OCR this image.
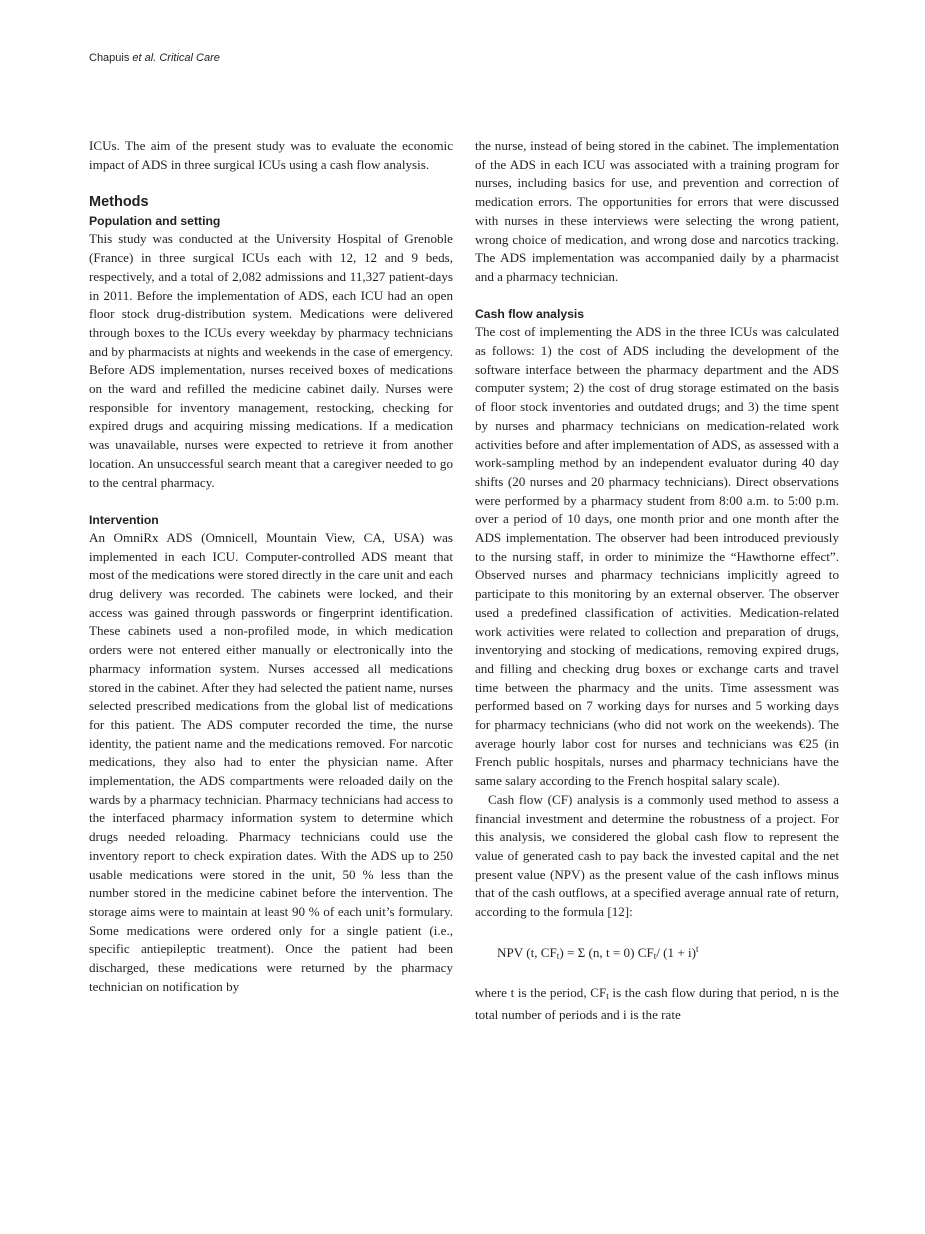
Chapuis et al. Critical Care

ICUs. The aim of the present study was to evaluate the economic impact of ADS in three surgical ICUs using a cash flow analysis.

Methods
Population and setting

This study was conducted at the University Hospital of Grenoble (France) in three surgical ICUs each with 12, 12 and 9 beds, respectively, and a total of 2,082 admissions and 11,327 patient-days in 2011. Before the implementation of ADS, each ICU had an open floor stock drug-distribution system. Medications were delivered through boxes to the ICUs every weekday by pharmacy technicians and by pharmacists at nights and weekends in the case of emergency. Before ADS implementation, nurses received boxes of medications on the ward and refilled the medicine cabinet daily. Nurses were responsible for inventory management, restocking, checking for expired drugs and acquiring missing medications. If a medication was unavailable, nurses were expected to retrieve it from another location. An unsuccessful search meant that a caregiver needed to go to the central pharmacy.

Intervention

An OmniRx ADS (Omnicell, Mountain View, CA, USA) was implemented in each ICU. Computer-controlled ADS meant that most of the medications were stored directly in the care unit and each drug delivery was recorded. The cabinets were locked, and their access was gained through passwords or fingerprint identification. These cabinets used a non-profiled mode, in which medication orders were not entered either manually or electronically into the pharmacy information system. Nurses accessed all medications stored in the cabinet. After they had selected the patient name, nurses selected prescribed medications from the global list of medications for this patient. The ADS computer recorded the time, the nurse identity, the patient name and the medications removed. For narcotic medications, they also had to enter the physician name. After implementation, the ADS compartments were reloaded daily on the wards by a pharmacy technician. Pharmacy technicians had access to the interfaced pharmacy information system to determine which drugs needed reloading. Pharmacy technicians could use the inventory report to check expiration dates. With the ADS up to 250 usable medications were stored in the unit, 50 % less than the number stored in the medicine cabinet before the intervention. The storage aims were to maintain at least 90 % of each unit’s formulary. Some medications were ordered only for a single patient (i.e., specific antiepileptic treatment). Once the patient had been discharged, these medications were returned by the pharmacy technician on notification by

the nurse, instead of being stored in the cabinet. The implementation of the ADS in each ICU was associated with a training program for nurses, including basics for use, and prevention and correction of medication errors. The opportunities for errors that were discussed with nurses in these interviews were selecting the wrong patient, wrong choice of medication, and wrong dose and narcotics tracking. The ADS implementation was accompanied daily by a pharmacist and a pharmacy technician.

Cash flow analysis

The cost of implementing the ADS in the three ICUs was calculated as follows: 1) the cost of ADS including the development of the software interface between the pharmacy department and the ADS computer system; 2) the cost of drug storage estimated on the basis of floor stock inventories and outdated drugs; and 3) the time spent by nurses and pharmacy technicians on medication-related work activities before and after implementation of ADS, as assessed with a work-sampling method by an independent evaluator during 40 day shifts (20 nurses and 20 pharmacy technicians). Direct observations were performed by a pharmacy student from 8:00 a.m. to 5:00 p.m. over a period of 10 days, one month prior and one month after the ADS implementation. The observer had been introduced previously to the nursing staff, in order to minimize the “Hawthorne effect”. Observed nurses and pharmacy technicians implicitly agreed to participate to this monitoring by an external observer. The observer used a predefined classification of activities. Medication-related work activities were related to collection and preparation of drugs, inventorying and stocking of medications, removing expired drugs, and filling and checking drug boxes or exchange carts and travel time between the pharmacy and the units. Time assessment was performed based on 7 working days for nurses and 5 working days for pharmacy technicians (who did not work on the weekends). The average hourly labor cost for nurses and technicians was €25 (in French public hospitals, nurses and pharmacy technicians have the same salary according to the French hospital salary scale).

Cash flow (CF) analysis is a commonly used method to assess a financial investment and determine the robustness of a project. For this analysis, we considered the global cash flow to represent the value of generated cash to pay back the invested capital and the net present value (NPV) as the present value of the cash inflows minus that of the cash outflows, at a specified average annual rate of return, according to the formula [12]:

NPV (t, $CF_t) = \Sigma$ (n, t = 0) $CF_t/$ $(1 + i)^t$

where t is the period, $CF_t$ is the cash flow during that period, n is the total number of periods and i is the rate
